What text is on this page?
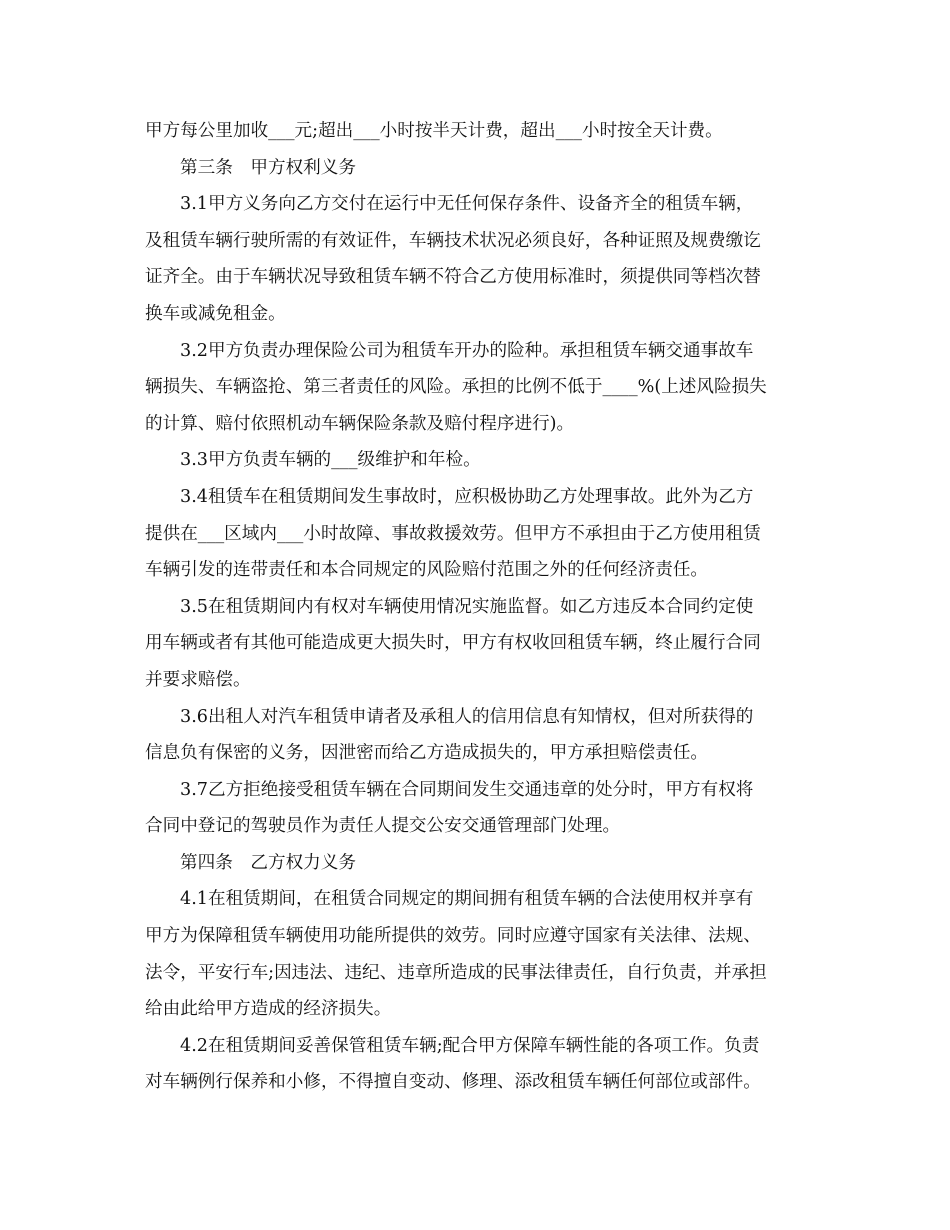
甲方每公里加收___元;超出___小时按半天计费，超出___小时按全天计费。
第三条　甲方权利义务
3.1甲方义务向乙方交付在运行中无任何保存条件、设备齐全的租赁车辆，
及租赁车辆行驶所需的有效证件，车辆技术状况必须良好，各种证照及规费缴讫
证齐全。由于车辆状况导致租赁车辆不符合乙方使用标准时，须提供同等档次替
换车或减免租金。
3.2甲方负责办理保险公司为租赁车开办的险种。承担租赁车辆交通事故车
辆损失、车辆盗抢、第三者责任的风险。承担的比例不低于____%(上述风险损失
的计算、赔付依照机动车辆保险条款及赔付程序进行)。
3.3甲方负责车辆的___级维护和年检。
3.4租赁车在租赁期间发生事故时，应积极协助乙方处理事故。此外为乙方
提供在___区域内___小时故障、事故救援效劳。但甲方不承担由于乙方使用租赁
车辆引发的连带责任和本合同规定的风险赔付范围之外的任何经济责任。
3.5在租赁期间内有权对车辆使用情况实施监督。如乙方违反本合同约定使
用车辆或者有其他可能造成更大损失时，甲方有权收回租赁车辆，终止履行合同
并要求赔偿。
3.6出租人对汽车租赁申请者及承租人的信用信息有知情权，但对所获得的
信息负有保密的义务，因泄密而给乙方造成损失的，甲方承担赔偿责任。
3.7乙方拒绝接受租赁车辆在合同期间发生交通违章的处分时，甲方有权将
合同中登记的驾驶员作为责任人提交公安交通管理部门处理。
第四条　乙方权力义务
4.1在租赁期间，在租赁合同规定的期间拥有租赁车辆的合法使用权并享有
甲方为保障租赁车辆使用功能所提供的效劳。同时应遵守国家有关法律、法规、
法令，平安行车;因违法、违纪、违章所造成的民事法律责任，自行负责，并承担
给由此给甲方造成的经济损失。
4.2在租赁期间妥善保管租赁车辆;配合甲方保障车辆性能的各项工作。负责
对车辆例行保养和小修，不得擅自变动、修理、添改租赁车辆任何部位或部件。
